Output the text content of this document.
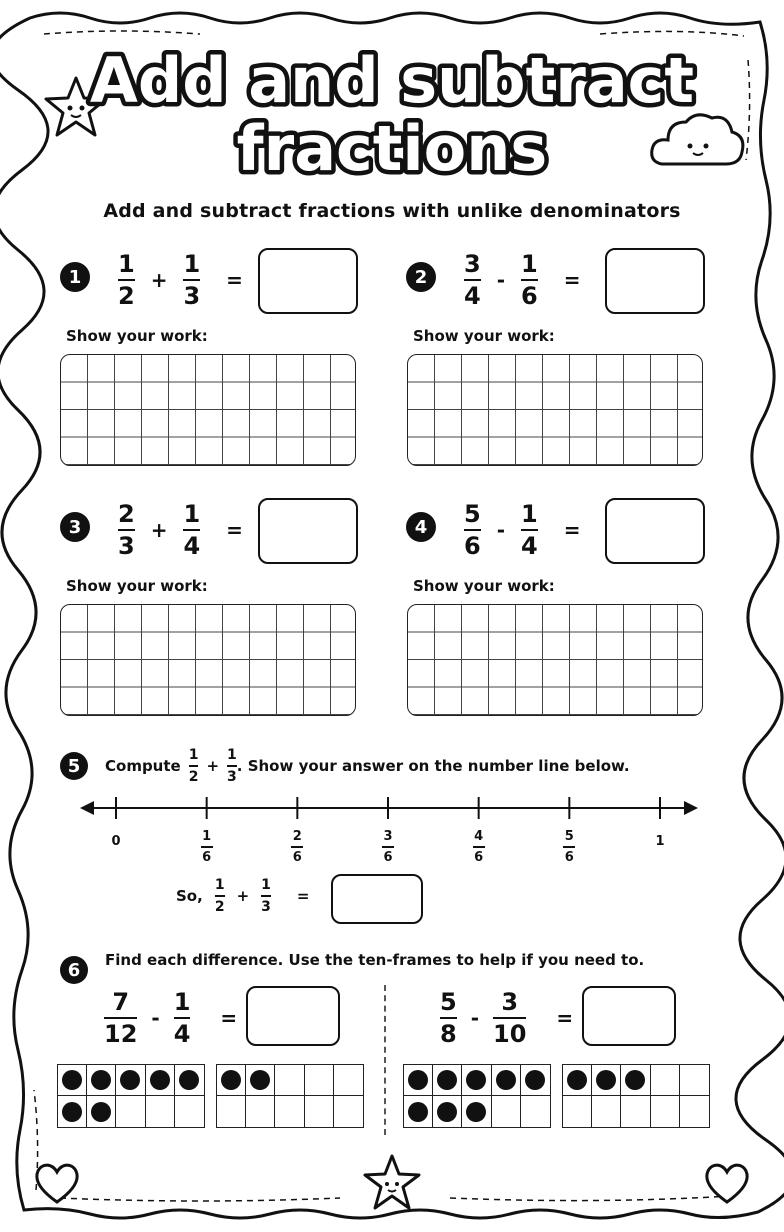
Add and subtract
fractions
Add and subtract fractions with unlike denominators
1	$\frac{1}{2} + \frac{1}{3}$ =
Show your work:
2	$\frac{3}{4} - \frac{1}{6}$ =
Show your work:
3	$\frac{2}{3} + \frac{1}{4}$ =
Show your work:
4	$\frac{5}{6} - \frac{1}{4}$ =
Show your work:
5	Compute $\frac{1}{2} + \frac{1}{3}$ . Show your answer on the number line below.
0	1
6
2
6
3
6
4
6
5
6
1
So, $\frac{1}{2} + \frac{1}{3}$ =
6	Find each difference. Use the ten-frames to help if you need to.
$\frac{7}{12} - \frac{1}{4}$ =	$\frac{5}{8} - \frac{3}{10}$ =
